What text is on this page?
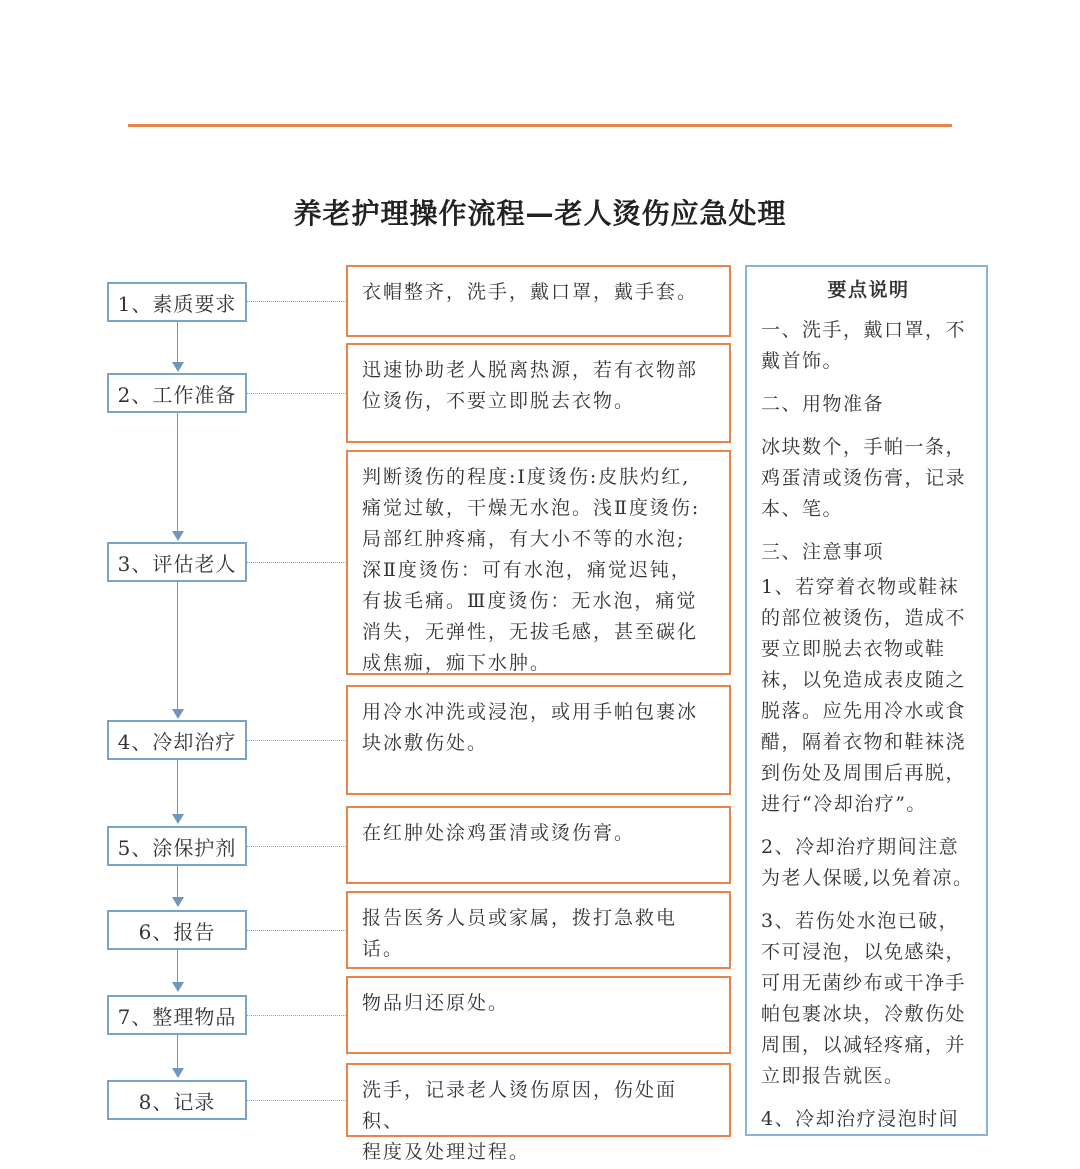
养老护理操作流程—老人烫伤应急处理
1、素质要求
2、工作准备
3、评估老人
4、冷却治疗
5、涂保护剂
6、报告
7、整理物品
8、记录
衣帽整齐，洗手，戴口罩，戴手套。
迅速协助老人脱离热源，若有衣物部
位烫伤，不要立即脱去衣物。
判断烫伤的程度:Ⅰ度烫伤:皮肤灼红,
痛觉过敏，干燥无水泡。浅Ⅱ度烫伤:
局部红肿疼痛，有大小不等的水泡;
深Ⅱ度烫伤：可有水泡，痛觉迟钝，
有拔毛痛。Ⅲ度烫伤：无水泡，痛觉
消失，无弹性，无拔毛感，甚至碳化
成焦痂，痂下水肿。
用冷水冲洗或浸泡，或用手帕包裹冰
块冰敷伤处。
在红肿处涂鸡蛋清或烫伤膏。
报告医务人员或家属，拨打急救电话。
物品归还原处。
洗手，记录老人烫伤原因，伤处面积、
程度及处理过程。
要点说明

一、洗手，戴口罩，不戴首饰。

二、用物准备

冰块数个，手帕一条，鸡蛋清或烫伤膏，记录本、笔。

三、注意事项

1、若穿着衣物或鞋袜的部位被烫伤，造成不要立即脱去衣物或鞋袜，以免造成表皮随之脱落。应先用冷水或食醋，隔着衣物和鞋袜浇到伤处及周围后再脱，进行“冷却治疗”。

2、冷却治疗期间注意为老人保暖,以免着凉。

3、若伤处水泡已破，不可浸泡，以免感染，可用无菌纱布或干净手帕包裹冰块，冷敷伤处周围，以减轻疼痛，并立即报告就医。

4、冷却治疗浸泡时间
